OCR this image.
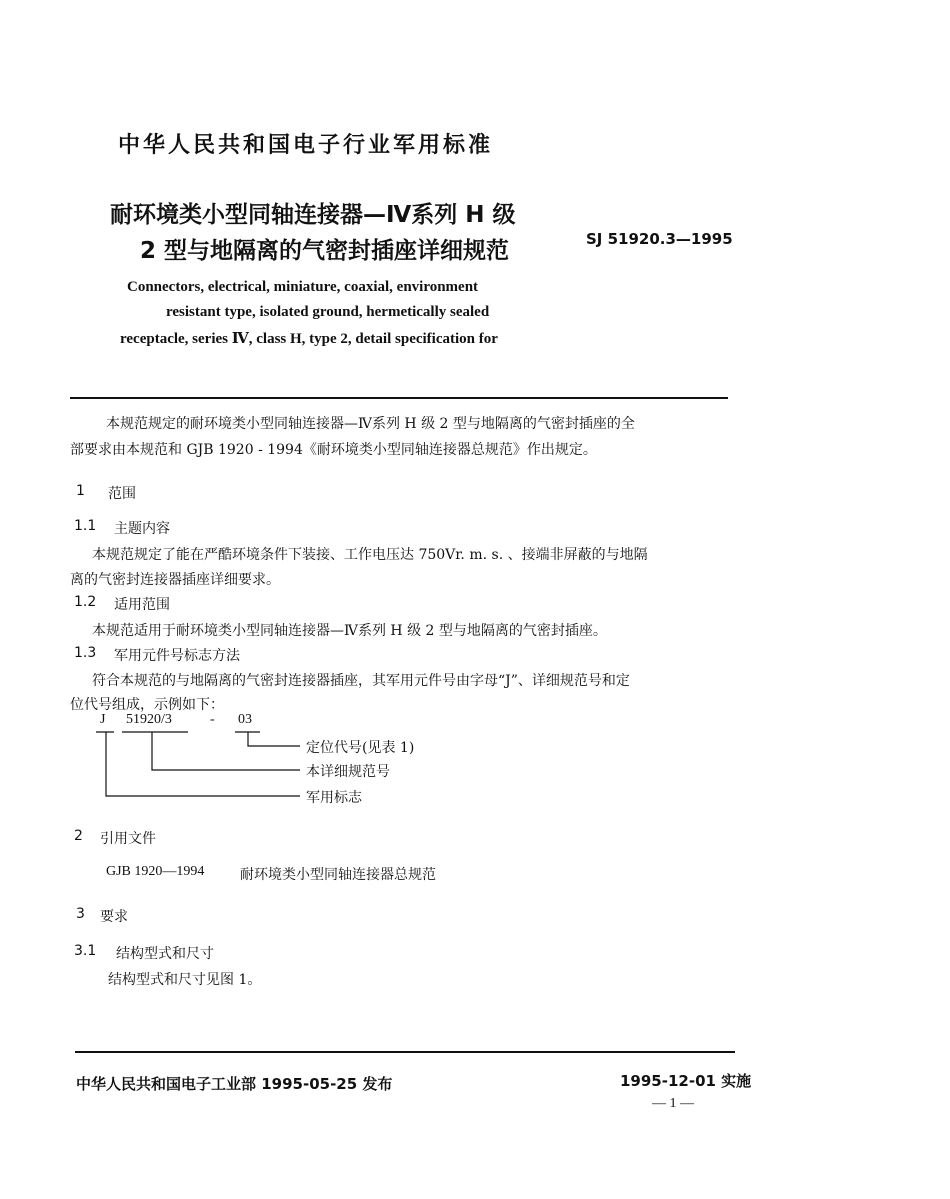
中华人民共和国电子行业军用标准
耐环境类小型同轴连接器—Ⅳ系列 H 级
2 型与地隔离的气密封插座详细规范	SJ 51920.3—1995
Connectors, electrical, miniature, coaxial, environment
resistant type, isolated ground, hermetically sealed
receptacle, series Ⅳ, class H, type 2, detail specification for
本规范规定的耐环境类小型同轴连接器—Ⅳ系列 H 级 2 型与地隔离的气密封插座的全
部要求由本规范和 GJB 1920 - 1994《耐环境类小型同轴连接器总规范》作出规定。
1 范围
1.1 主题内容
本规范规定了能在严酷环境条件下装接、工作电压达 750Vr. m. s. 、接端非屏蔽的与地隔
离的气密封连接器插座详细要求。
1.2 适用范围
本规范适用于耐环境类小型同轴连接器—Ⅳ系列 H 级 2 型与地隔离的气密封插座。
1.3 军用元件号标志方法
符合本规范的与地隔离的气密封连接器插座，其军用元件号由字母“J”、详细规范号和定
位代号组成，示例如下：
J 51920/3	- 03
定位代号(见表 1)
本详细规范号
军用标志
2 引用文件
GJB 1920—1994	耐环境类小型同轴连接器总规范
3 要求
3.1 结构型式和尺寸
结构型式和尺寸见图 1。
中华人民共和国电子工业部 1995-05-25 发布	1995-12-01 实施
— 1 —
